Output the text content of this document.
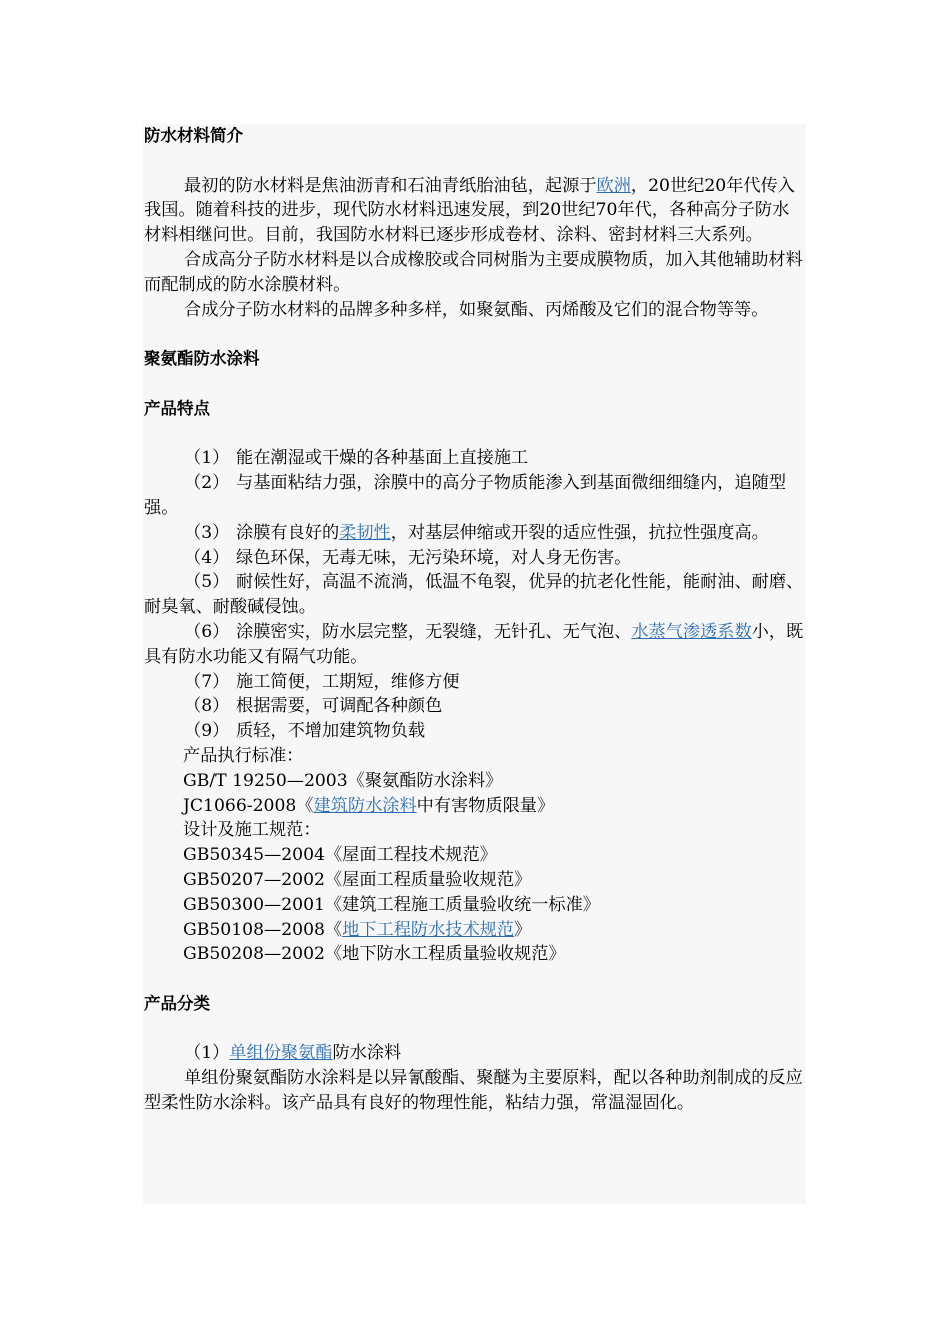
防水材料简介

最初的防水材料是焦油沥青和石油青纸胎油毡，起源于欧洲，20世纪20年代传入我国。随着科技的进步，现代防水材料迅速发展，到20世纪70年代，各种高分子防水材料相继问世。目前，我国防水材料已逐步形成卷材、涂料、密封材料三大系列。

合成高分子防水材料是以合成橡胶或合同树脂为主要成膜物质，加入其他辅助材料而配制成的防水涂膜材料。

合成分子防水材料的品牌多种多样，如聚氨酯、丙烯酸及它们的混合物等等。

聚氨酯防水涂料
产品特点

（1） 能在潮湿或干燥的各种基面上直接施工

（2） 与基面粘结力强，涂膜中的高分子物质能渗入到基面微细细缝内，追随型强。

（3） 涂膜有良好的柔韧性，对基层伸缩或开裂的适应性强，抗拉性强度高。

（4） 绿色环保，无毒无味，无污染环境，对人身无伤害。

（5） 耐候性好，高温不流淌，低温不龟裂，优异的抗老化性能，能耐油、耐磨、耐臭氧、耐酸碱侵蚀。

（6） 涂膜密实，防水层完整，无裂缝，无针孔、无气泡、水蒸气渗透系数小，既具有防水功能又有隔气功能。

（7） 施工简便，工期短，维修方便

（8） 根据需要，可调配各种颜色

（9） 质轻，不增加建筑物负载

产品执行标准：

GB/T 19250—2003《聚氨酯防水涂料》

JC1066-2008《建筑防水涂料中有害物质限量》

设计及施工规范：

GB50345—2004《屋面工程技术规范》

GB50207—2002《屋面工程质量验收规范》

GB50300—2001《建筑工程施工质量验收统一标准》

GB50108—2008《地下工程防水技术规范》

GB50208—2002《地下防水工程质量验收规范》

产品分类

（1）单组份聚氨酯防水涂料

单组份聚氨酯防水涂料是以异氰酸酯、聚醚为主要原料，配以各种助剂制成的反应型柔性防水涂料。该产品具有良好的物理性能，粘结力强，常温湿固化。
